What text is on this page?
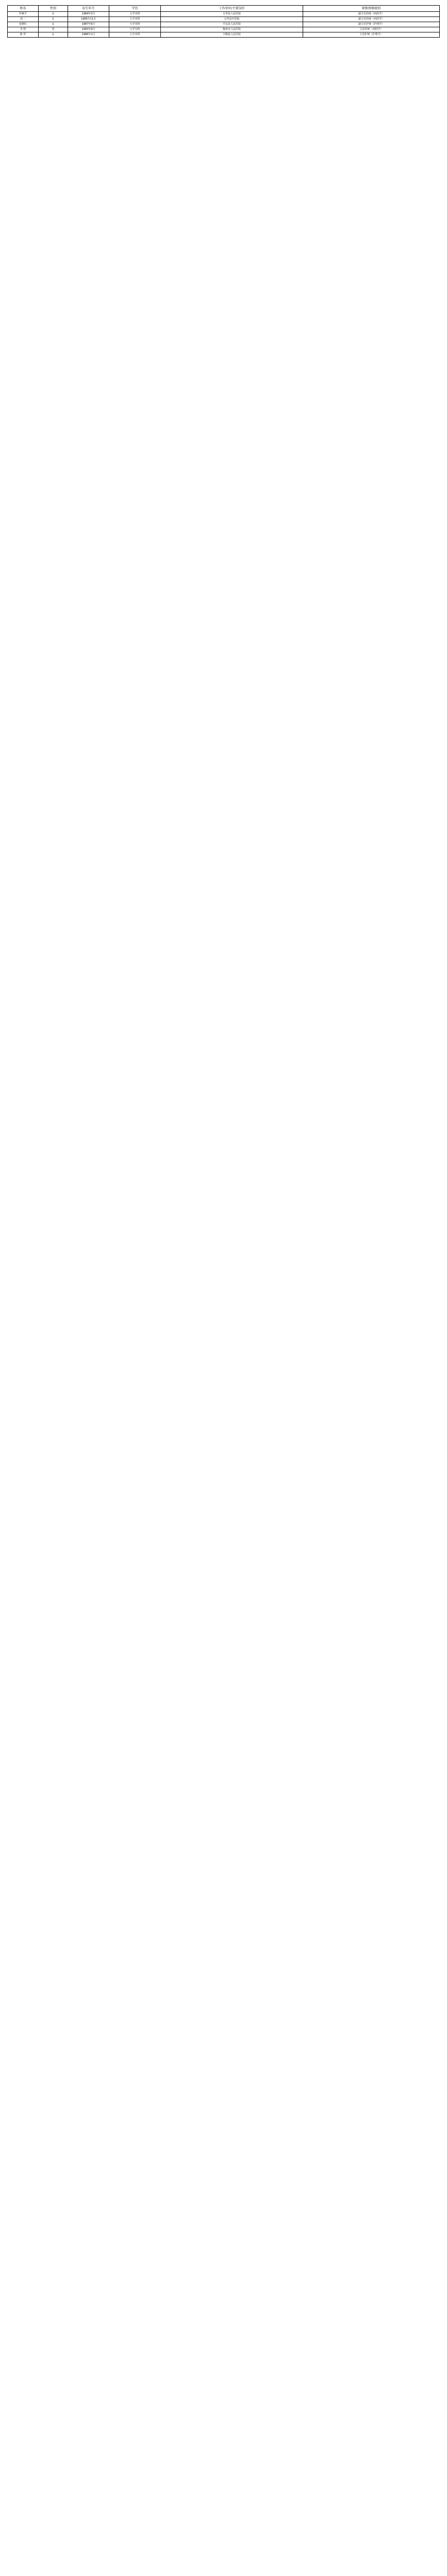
姓名	性别	出生年月	学历	工作单位/主要岗位	职称资格级别
罗燕平	女	1984年3月	大学本科	五华县人民医院	副主任药师（西药学）
刘 一	女	1985年11月	大学本科	五华县中医院	副主任药师（西药学）
张晓红	女	1987年6月	大学本科	平远县人民医院	副主任护师（护理学）
李 明	男	1983年9月	大学专科	梅州市人民医院	主治医师（内科学）
陈 华	女	1986年2月	大学本科	丰顺县人民医院	主管护师（护理学）
